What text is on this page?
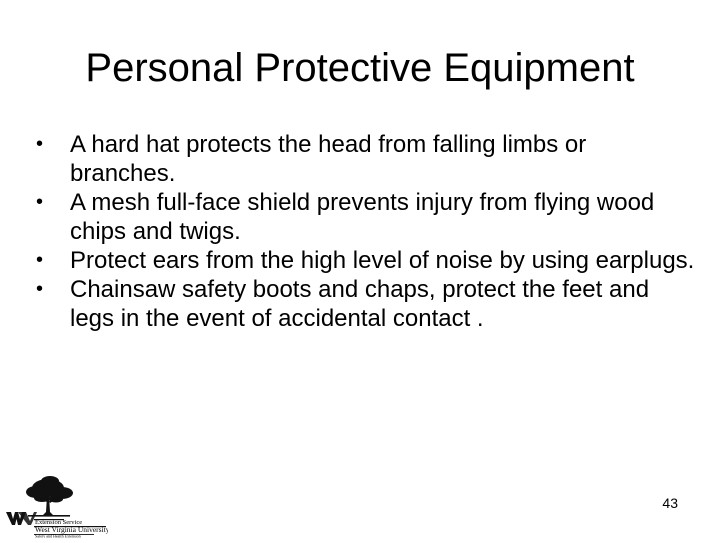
Personal Protective Equipment
• A hard hat protects the head from falling limbs or branches.
• A mesh full-face shield prevents injury from flying wood chips and twigs.
• Protect ears from the high level of noise by using earplugs.
• Chainsaw safety boots and chaps, protect the feet and legs in the event of accidental contact .
Extension Service
West Virginia University
Safety and Health Extension
43
